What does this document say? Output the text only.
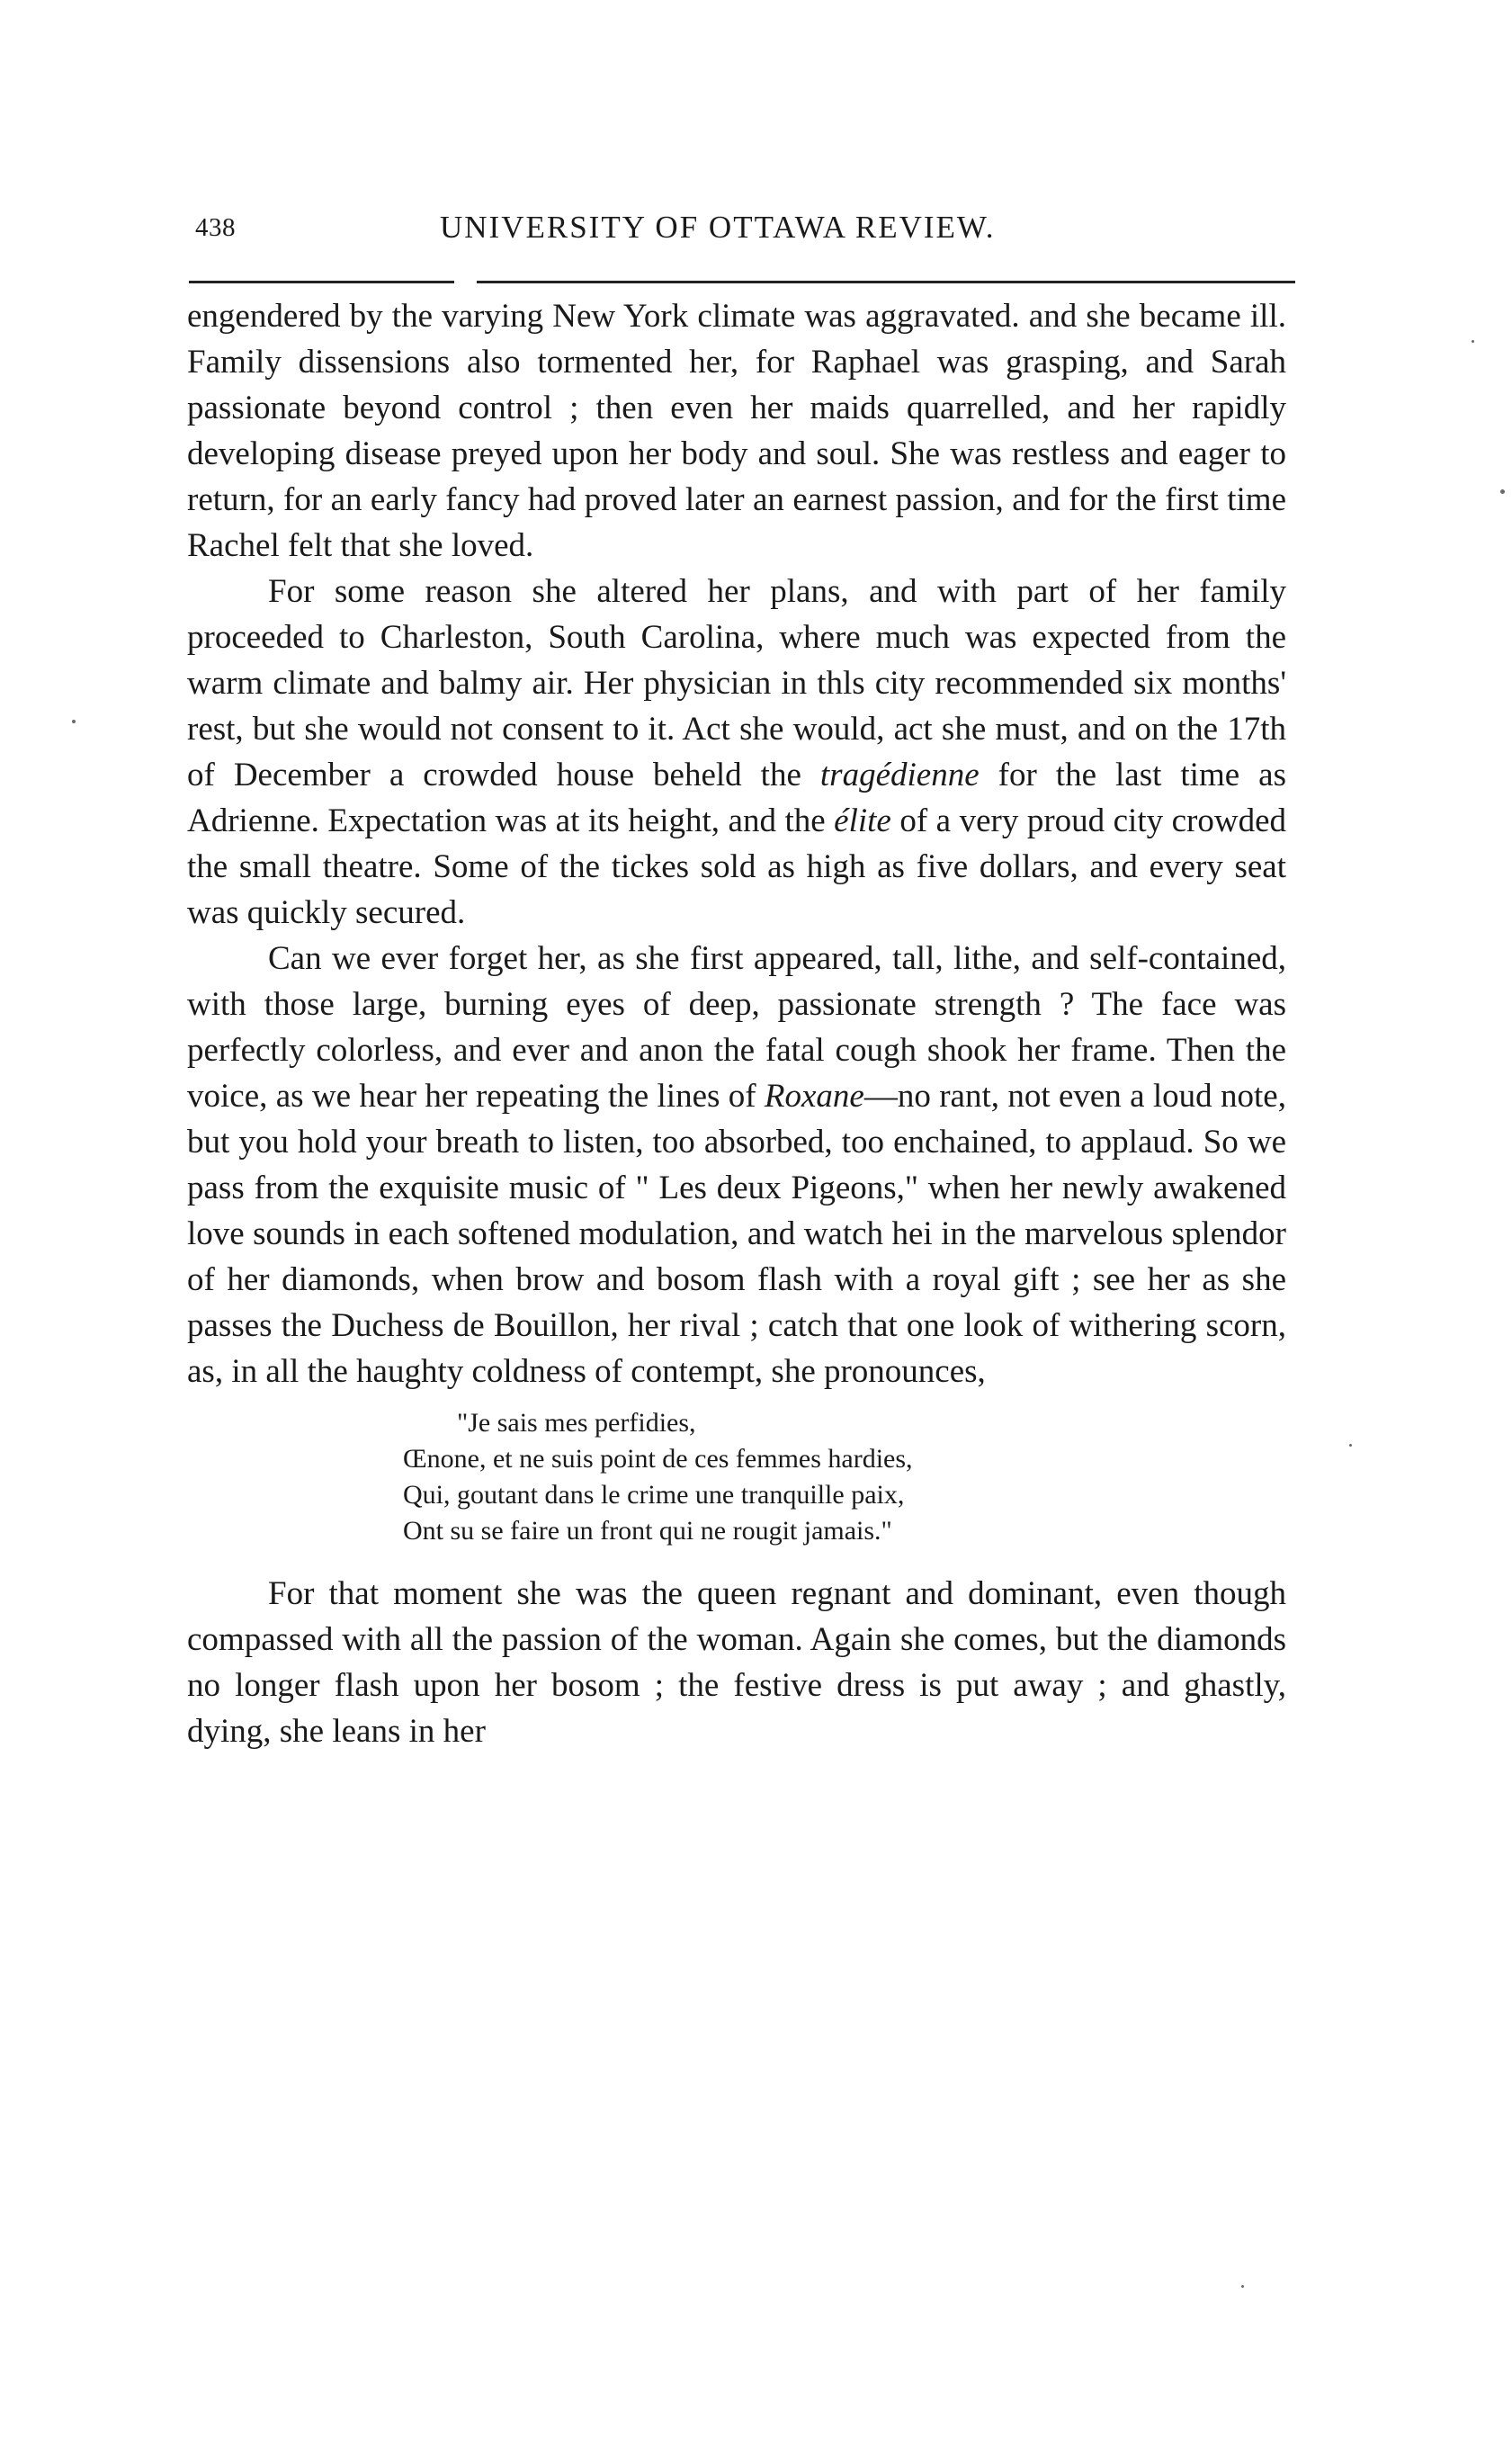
438	UNIVERSITY OF OTTAWA REVIEW.

engendered by the varying New York climate was aggravated. and she became ill. Family dissensions also tormented her, for Raphael was grasping, and Sarah passionate beyond control ; then even her maids quarrelled, and her rapidly developing disease preyed upon her body and soul. She was restless and eager to return, for an early fancy had proved later an earnest passion, and for the first time Rachel felt that she loved.

For some reason she altered her plans, and with part of her family proceeded to Charleston, South Carolina, where much was expected from the warm climate and balmy air. Her physician in thls city recommended six months' rest, but she would not consent to it. Act she would, act she must, and on the 17th of December a crowded house beheld the tragédienne for the last time as Adrienne. Expectation was at its height, and the élite of a very proud city crowded the small theatre. Some of the tickes sold as high as five dollars, and every seat was quickly secured.

Can we ever forget her, as she first appeared, tall, lithe, and self-contained, with those large, burning eyes of deep, passionate strength ? The face was perfectly colorless, and ever and anon the fatal cough shook her frame. Then the voice, as we hear her repeating the lines of Roxane—no rant, not even a loud note, but you hold your breath to listen, too absorbed, too enchained, to applaud. So we pass from the exquisite music of " Les deux Pigeons," when her newly awakened love sounds in each softened modulation, and watch hei in the marvelous splendor of her diamonds, when brow and bosom flash with a royal gift ; see her as she passes the Duchess de Bouillon, her rival ; catch that one look of withering scorn, as, in all the haughty coldness of contempt, she pronounces,

"Je sais mes perfidies,
Œnone, et ne suis point de ces femmes hardies,
Qui, goutant dans le crime une tranquille paix,
Ont su se faire un front qui ne rougit jamais."

For that moment she was the queen regnant and dominant, even though compassed with all the passion of the woman. Again she comes, but the diamonds no longer flash upon her bosom ; the festive dress is put away ; and ghastly, dying, she leans in her
